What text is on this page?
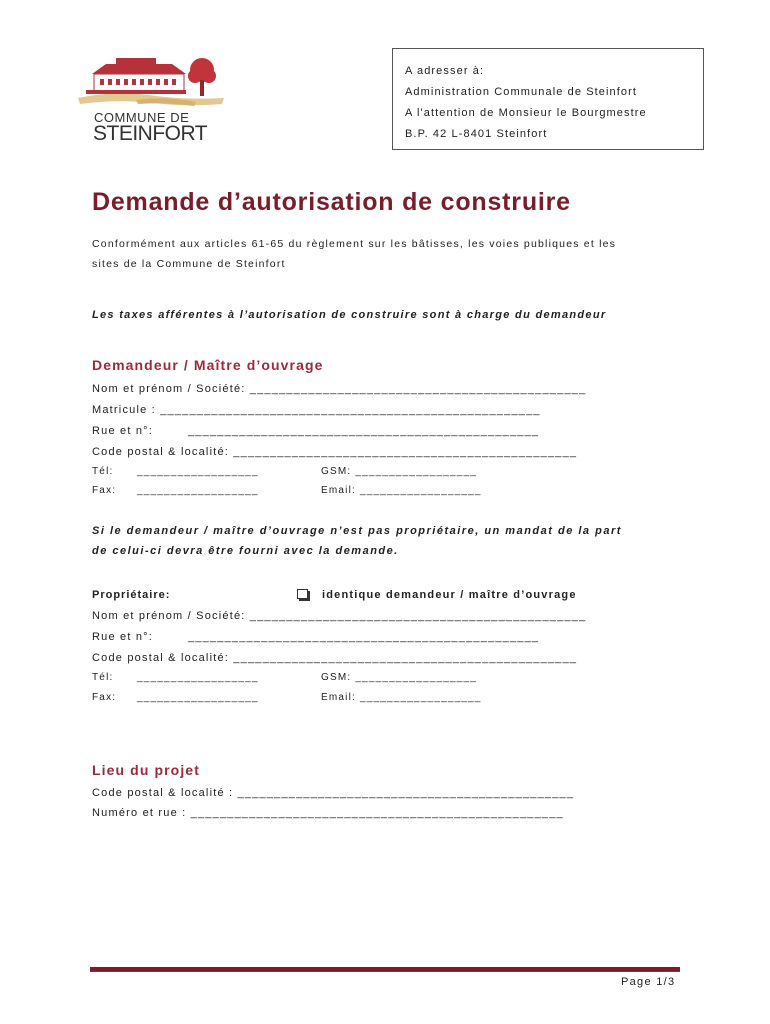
COMMUNE DE
STEINFORT
A adresser à:
Administration Communale de Steinfort
A l'attention de Monsieur le Bourgmestre
B.P. 42 L-8401 Steinfort
Demande d’autorisation de construire
Conformément aux articles 61-65 du règlement sur les bâtisses, les voies publiques et les
sites de la Commune de Steinfort
Les taxes afférentes à l’autorisation de construire sont à charge du demandeur
Demandeur / Maître d’ouvrage
Nom et prénom / Société: ______________________________________________
Matricule : ____________________________________________________
Rue et n°:	________________________________________________
Code postal & localité: _______________________________________________
Tél: __________________	GSM: __________________
Fax: __________________	Email: __________________
Si le demandeur / maître d’ouvrage n’est pas propriétaire, un mandat de la part
de celui-ci devra être fourni avec la demande.
Propriétaire:	identique demandeur / maître d’ouvrage
Nom et prénom / Société: ______________________________________________
Rue et n°:	________________________________________________
Code postal & localité: _______________________________________________
Tél: __________________	GSM: __________________
Fax: __________________	Email: __________________
Lieu du projet
Code postal & localité : ______________________________________________
Numéro et rue : ___________________________________________________
Page 1/3
